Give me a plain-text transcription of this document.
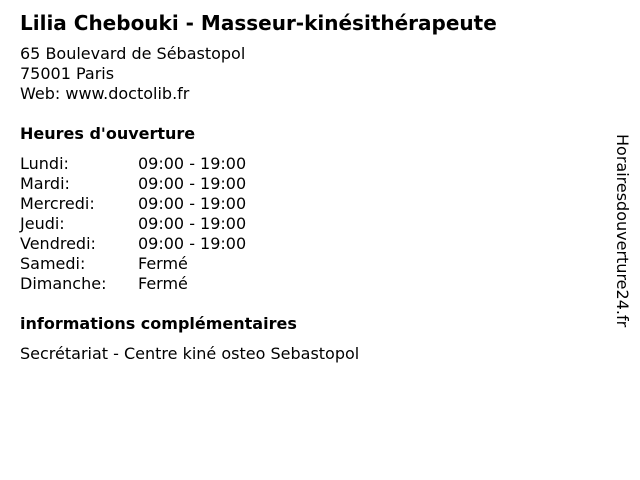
Lilia Chebouki - Masseur-kinésithérapeute
65 Boulevard de Sébastopol
75001 Paris
Web: www.doctolib.fr
Heures d'ouverture
Lundi:	09:00 - 19:00
Mardi:	09:00 - 19:00
Mercredi:	09:00 - 19:00
Jeudi:	09:00 - 19:00
Vendredi:	09:00 - 19:00
Samedi:	Fermé
Dimanche: Fermé
informations complémentaires
Secrétariat - Centre kiné osteo Sebastopol
Horairesdouverture24.fr
